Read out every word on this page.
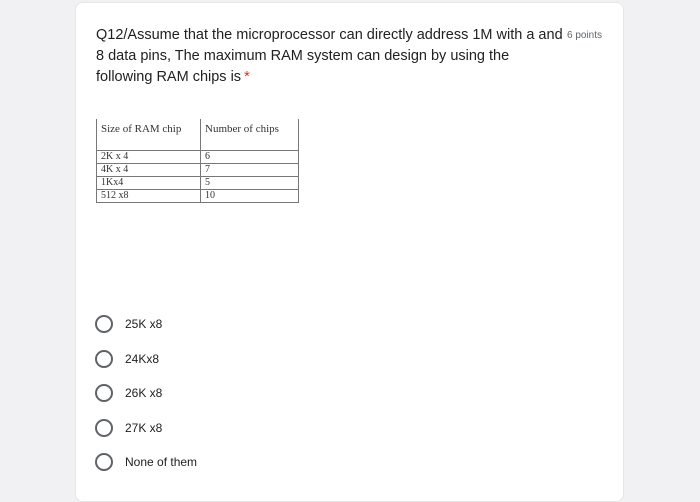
Q12/Assume that the microprocessor can directly address 1M with a and 8 data pins, The maximum RAM system can design by using the following RAM chips is *
6 points
Size of RAM chip	Number of chips
2K x 4	6
4K x 4	7
1Kx4	5
512 x8	10
25K x8
24Kx8
26K x8
27K x8
None of them
